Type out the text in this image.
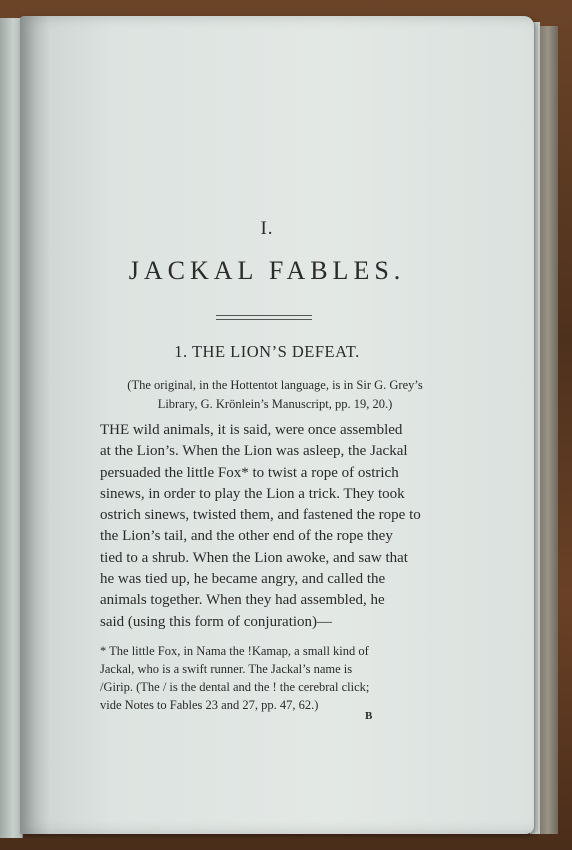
I.
JACKAL FABLES.
1. THE LION’S DEFEAT.
(The original, in the Hottentot language, is in Sir G. Grey’s
Library, G. Krönlein’s Manuscript, pp. 19, 20.)
THE wild animals, it is said, were once assembled
at the Lion’s. When the Lion was asleep, the Jackal
persuaded the little Fox* to twist a rope of ostrich
sinews, in order to play the Lion a trick. They took
ostrich sinews, twisted them, and fastened the rope to
the Lion’s tail, and the other end of the rope they
tied to a shrub. When the Lion awoke, and saw that
he was tied up, he became angry, and called the
animals together. When they had assembled, he
said (using this form of conjuration)—
* The little Fox, in Nama the !Kamap, a small kind of
Jackal, who is a swift runner. The Jackal’s name is
/Girip. (The / is the dental and the ! the cerebral click;
vide Notes to Fables 23 and 27, pp. 47, 62.)
B
